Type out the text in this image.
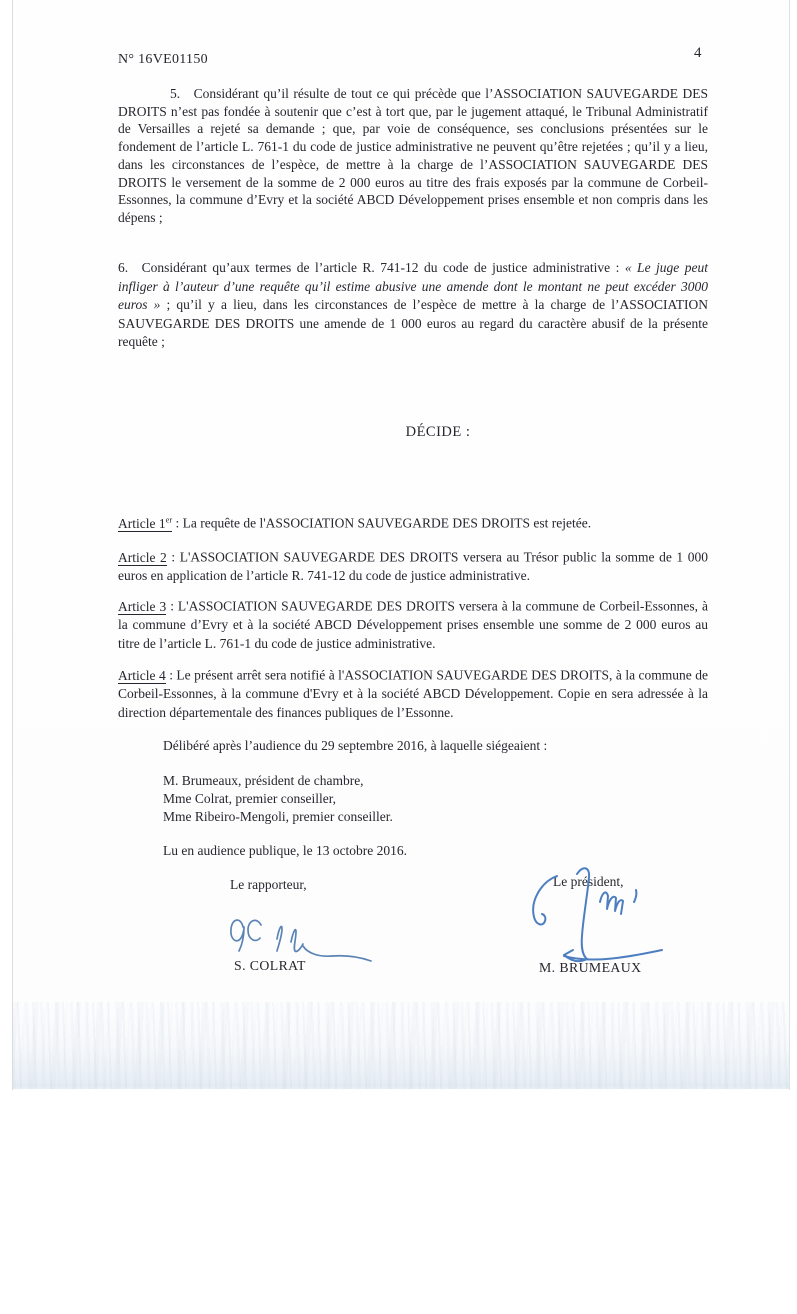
N° 16VE01150	4

5.  Considérant qu’il résulte de tout ce qui précède que l’ASSOCIATION SAUVEGARDE DES DROITS n’est pas fondée à soutenir que c’est à tort que, par le jugement attaqué, le Tribunal Administratif de Versailles a rejeté sa demande ; que, par voie de conséquence, ses conclusions présentées sur le fondement de l’article L. 761-1 du code de justice administrative ne peuvent qu’être rejetées ; qu’il y a lieu, dans les circonstances de l’espèce, de mettre à la charge de l’ASSOCIATION SAUVEGARDE DES DROITS le versement de la somme de 2 000 euros au titre des frais exposés par la commune de Corbeil-Essonnes, la commune d’Evry et la société ABCD Développement prises ensemble et non compris dans les dépens ;

6.  Considérant qu’aux termes de l’article R. 741-12 du code de justice administrative : « Le juge peut infliger à l’auteur d’une requête qu’il estime abusive une amende dont le montant ne peut excéder 3000 euros » ; qu’il y a lieu, dans les circonstances de l’espèce de mettre à la charge de l’ASSOCIATION SAUVEGARDE DES DROITS une amende de 1 000 euros au regard du caractère abusif de la présente requête ;

DÉCIDE :

Article 1er : La requête de l'ASSOCIATION SAUVEGARDE DES DROITS est rejetée.

Article 2 : L'ASSOCIATION SAUVEGARDE DES DROITS versera au Trésor public la somme de 1 000 euros en application de l’article R. 741-12 du code de justice administrative.

Article 3 : L'ASSOCIATION SAUVEGARDE DES DROITS versera à la commune de Corbeil-Essonnes, à la commune d’Evry et à la société ABCD Développement prises ensemble une somme de 2 000 euros au titre de l’article L. 761-1 du code de justice administrative.

Article 4 : Le présent arrêt sera notifié à l'ASSOCIATION SAUVEGARDE DES DROITS, à la commune de Corbeil-Essonnes, à la commune d'Evry et à la société ABCD Développement. Copie en sera adressée à la direction départementale des finances publiques de l’Essonne.

Délibéré après l’audience du 29 septembre 2016, à laquelle siégeaient :

M. Brumeaux, président de chambre,
Mme Colrat, premier conseiller,
Mme Ribeiro-Mengoli, premier conseiller.

Lu en audience publique, le 13 octobre 2016.

Le rapporteur,	Le président,
S. COLRAT	M. BRUMEAUX
